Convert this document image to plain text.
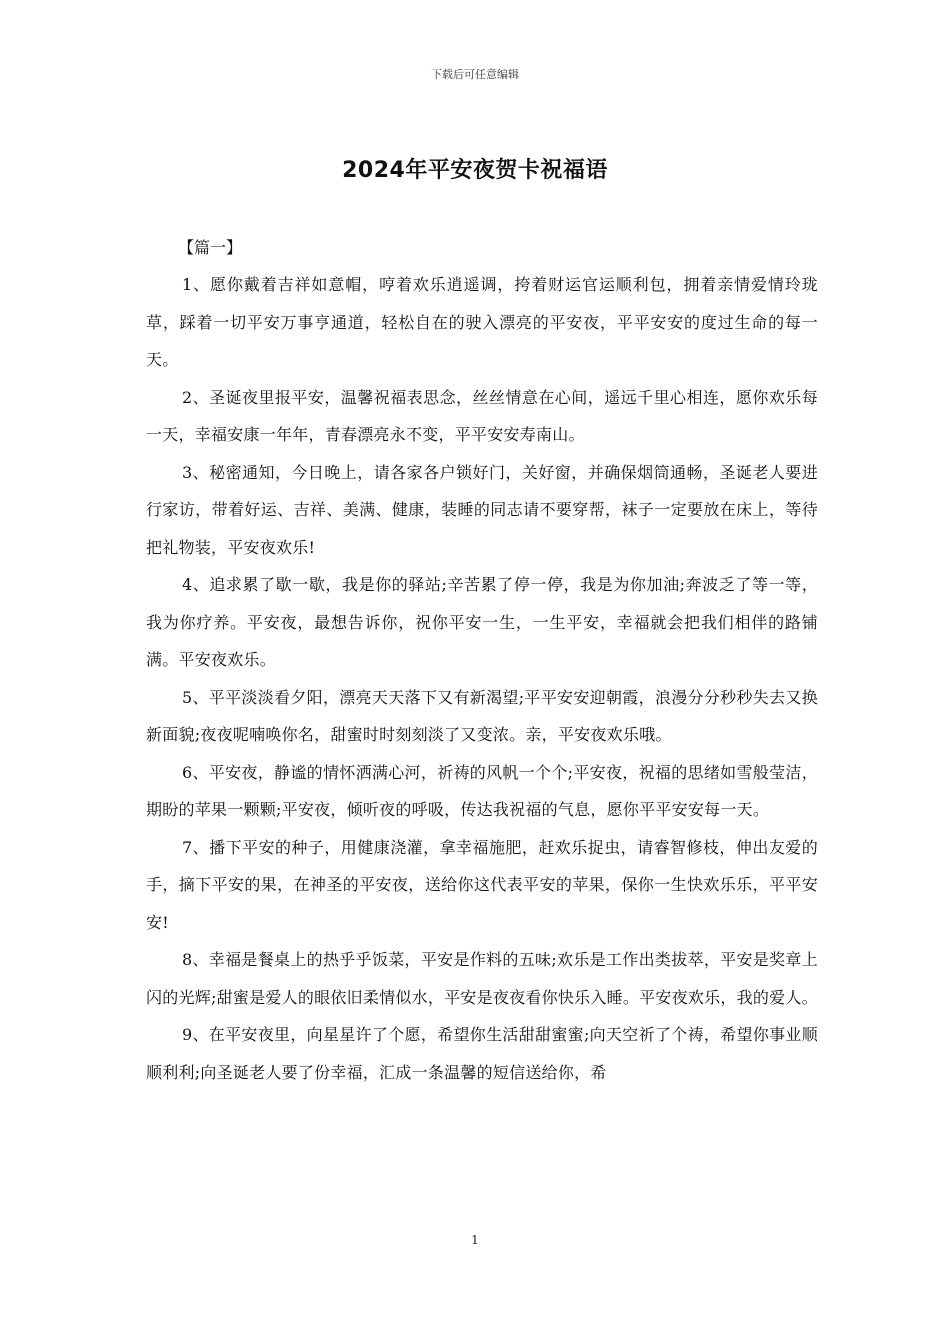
下载后可任意编辑
2024年平安夜贺卡祝福语
【篇一】

1、愿你戴着吉祥如意帽，哼着欢乐逍遥调，挎着财运官运顺利包，拥着亲情爱情玲珑草，踩着一切平安万事亨通道，轻松自在的驶入漂亮的平安夜，平平安安的度过生命的每一天。

2、圣诞夜里报平安，温馨祝福表思念，丝丝情意在心间，遥远千里心相连，愿你欢乐每一天，幸福安康一年年，青春漂亮永不变，平平安安寿南山。

3、秘密通知，今日晚上，请各家各户锁好门，关好窗，并确保烟筒通畅，圣诞老人要进行家访，带着好运、吉祥、美满、健康，装睡的同志请不要穿帮，袜子一定要放在床上，等待把礼物装，平安夜欢乐!

4、追求累了歇一歇，我是你的驿站;辛苦累了停一停，我是为你加油;奔波乏了等一等，我为你疗养。平安夜，最想告诉你，祝你平安一生，一生平安，幸福就会把我们相伴的路铺满。平安夜欢乐。

5、平平淡淡看夕阳，漂亮天天落下又有新渴望;平平安安迎朝霞，浪漫分分秒秒失去又换新面貌;夜夜呢喃唤你名，甜蜜时时刻刻淡了又变浓。亲，平安夜欢乐哦。

6、平安夜，静谧的情怀洒满心河，祈祷的风帆一个个;平安夜，祝福的思绪如雪般莹洁，期盼的苹果一颗颗;平安夜，倾听夜的呼吸，传达我祝福的气息，愿你平平安安每一天。

7、播下平安的种子，用健康浇灌，拿幸福施肥，赶欢乐捉虫，请睿智修枝，伸出友爱的手，摘下平安的果，在神圣的平安夜，送给你这代表平安的苹果，保你一生快欢乐乐，平平安安!

8、幸福是餐桌上的热乎乎饭菜，平安是作料的五味;欢乐是工作出类拔萃，平安是奖章上闪的光辉;甜蜜是爱人的眼依旧柔情似水，平安是夜夜看你快乐入睡。平安夜欢乐，我的爱人。

9、在平安夜里，向星星许了个愿，希望你生活甜甜蜜蜜;向天空祈了个祷，希望你事业顺顺利利;向圣诞老人要了份幸福，汇成一条温馨的短信送给你，希

1
